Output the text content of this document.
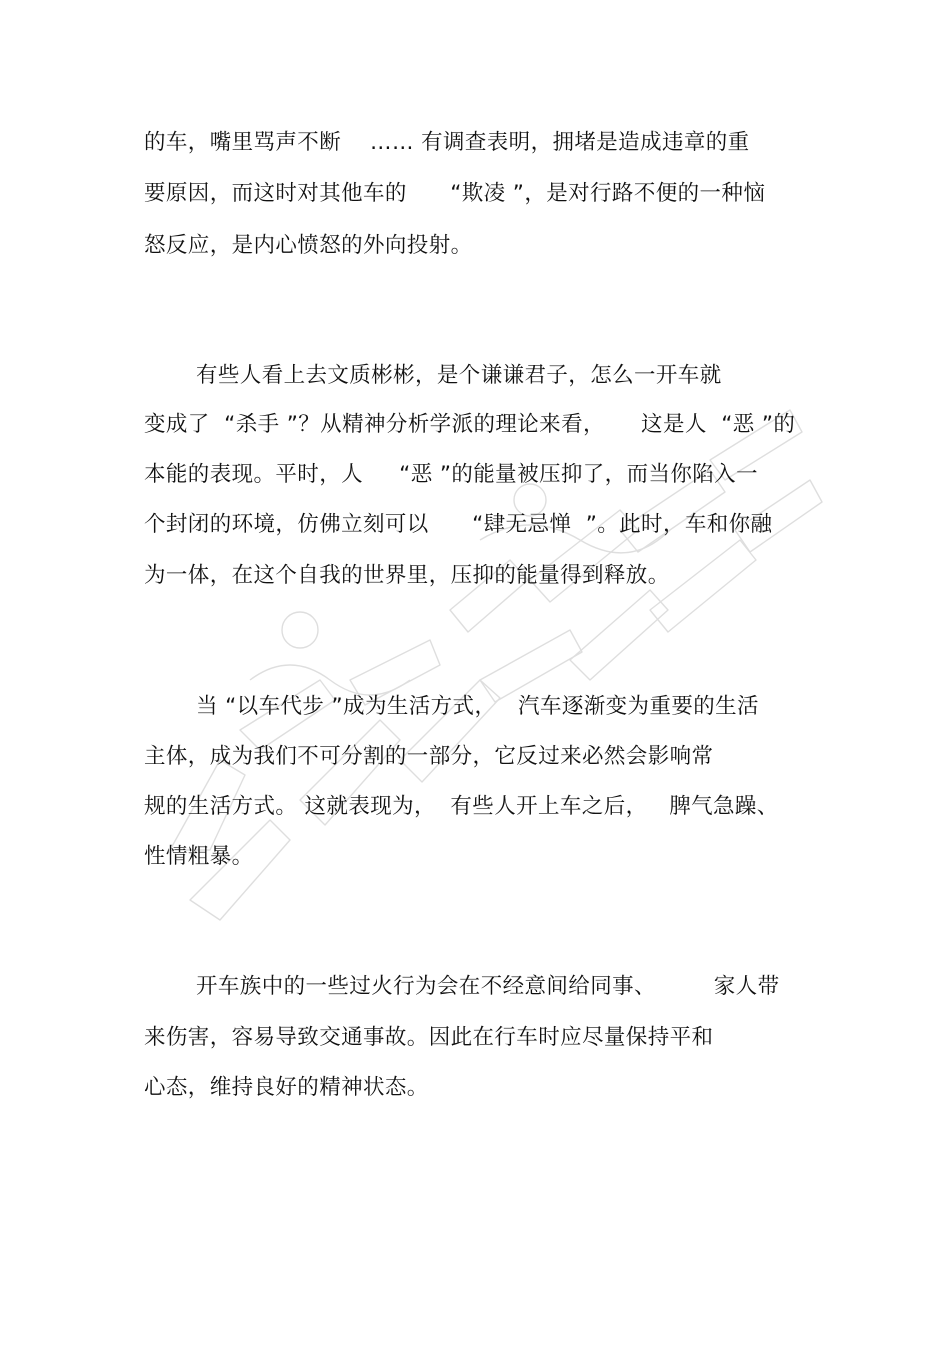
的车，嘴里骂声不断    …… 有调查表明，拥堵是造成违章的重
要原因，而这时对其他车的      “欺凌 ”，是对行路不便的一种恼
怒反应，是内心愤怒的外向投射。
有些人看上去文质彬彬，是个谦谦君子，怎么一开车就
变成了  “杀手 ”？从精神分析学派的理论来看，     这是人  “恶 ”的
本能的表现。平时，人     “恶 ”的能量被压抑了，而当你陷入一
个封闭的环境，仿佛立刻可以      “肆无忌惮  ”。此时，车和你融
为一体，在这个自我的世界里，压抑的能量得到释放。
当 “以车代步 ”成为生活方式，   汽车逐渐变为重要的生活
主体，成为我们不可分割的一部分，它反过来必然会影响常
规的生活方式。 这就表现为，  有些人开上车之后，   脾气急躁、
性情粗暴。
开车族中的一些过火行为会在不经意间给同事、        家人带
来伤害，容易导致交通事故。因此在行车时应尽量保持平和
心态，维持良好的精神状态。
